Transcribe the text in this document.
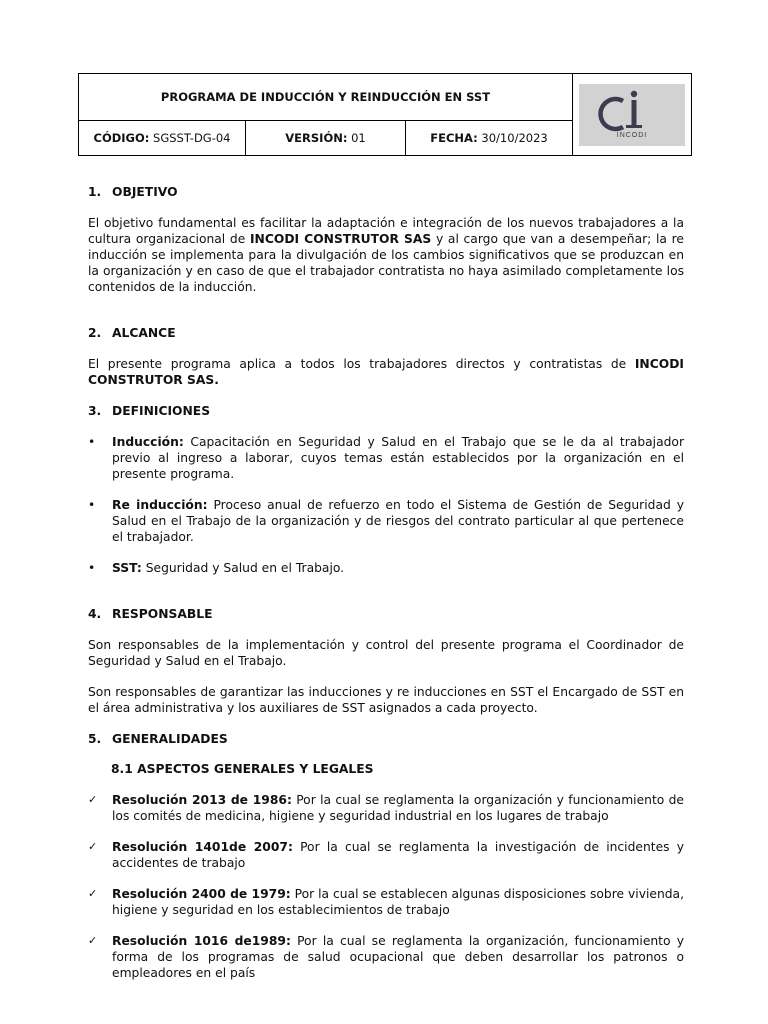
PROGRAMA DE INDUCCIÓN Y REINDUCCIÓN EN SST			INCODI

CÓDIGO: SGSST-DG-04	VERSIÓN: 01	FECHA: 30/10/2023	
1. OBJETIVO

El objetivo fundamental es facilitar la adaptación e integración de los nuevos trabajadores a la cultura organizacional de INCODI CONSTRUTOR SAS y al cargo que van a desempeñar; la re inducción se implementa para la divulgación de los cambios significativos que se produzcan en la organización y en caso de que el trabajador contratista no haya asimilado completamente los contenidos de la inducción.

2. ALCANCE

El presente programa aplica a todos los trabajadores directos y contratistas de INCODI CONSTRUTOR SAS.

3. DEFINICIONES
• Inducción: Capacitación en Seguridad y Salud en el Trabajo que se le da al trabajador previo al ingreso a laborar, cuyos temas están establecidos por la organización en el presente programa.
• Re inducción: Proceso anual de refuerzo en todo el Sistema de Gestión de Seguridad y Salud en el Trabajo de la organización y de riesgos del contrato particular al que pertenece el trabajador.
• SST: Seguridad y Salud en el Trabajo.
4. RESPONSABLE

Son responsables de la implementación y control del presente programa el Coordinador de Seguridad y Salud en el Trabajo.

Son responsables de garantizar las inducciones y re inducciones en SST el Encargado de SST en el área administrativa y los auxiliares de SST asignados a cada proyecto.

5. GENERALIDADES
8.1 ASPECTOS GENERALES Y LEGALES
✓ Resolución 2013 de 1986: Por la cual se reglamenta la organización y funcionamiento de los comités de medicina, higiene y seguridad industrial en los lugares de trabajo
✓ Resolución 1401de 2007: Por la cual se reglamenta la investigación de incidentes y accidentes de trabajo
✓ Resolución 2400 de 1979: Por la cual se establecen algunas disposiciones sobre vivienda, higiene y seguridad en los establecimientos de trabajo
✓ Resolución 1016 de1989: Por la cual se reglamenta la organización, funcionamiento y forma de los programas de salud ocupacional que deben desarrollar los patronos o empleadores en el país
